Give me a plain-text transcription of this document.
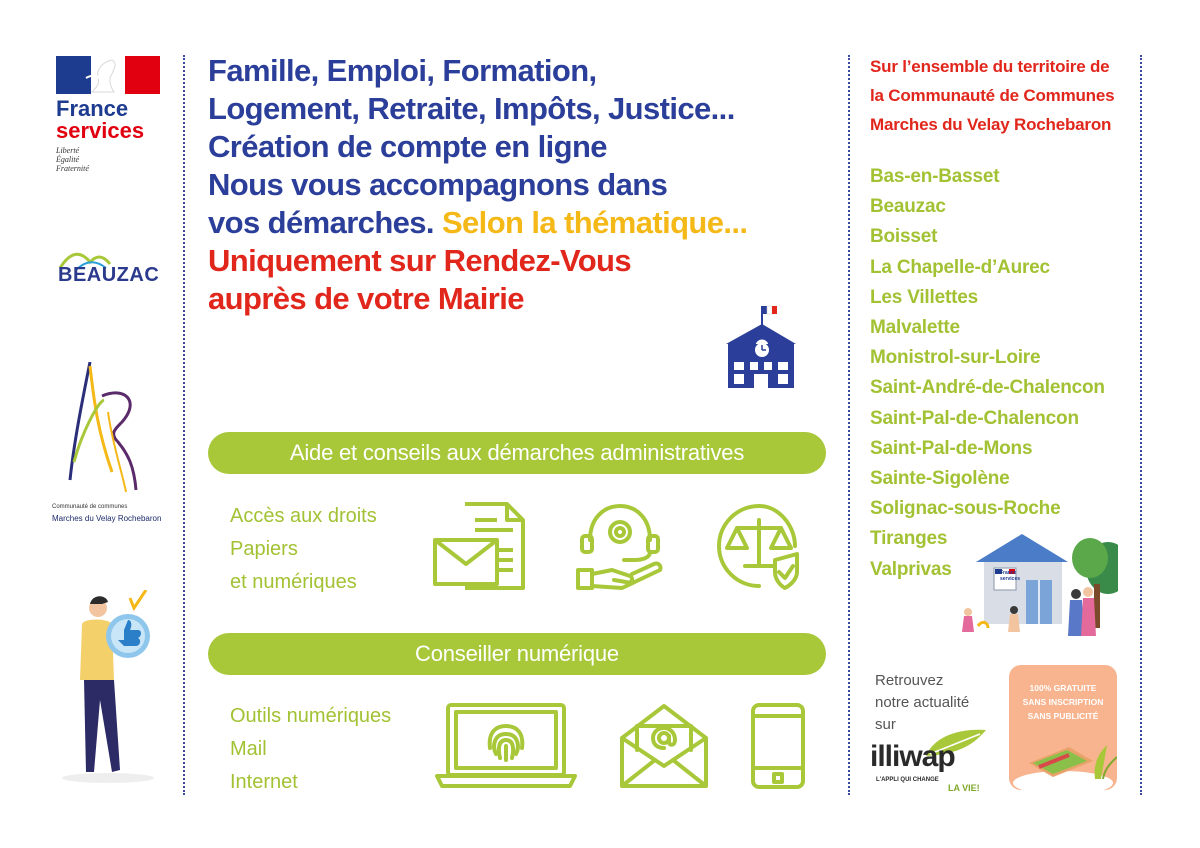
France
services
Liberté
Égalité
Fraternité
BEAUZAC
Communauté de communes
Marches du Velay Rochebaron
Famille, Emploi, Formation,
Logement, Retraite, Impôts, Justice...
Création de compte en ligne
Nous vous accompagnons dans
vos démarches. Selon la thématique...
Uniquement sur Rendez-Vous
auprès de votre Mairie
Aide et conseils aux démarches administratives
Accès aux droits
Papiers
et numériques
Conseiller numérique
Outils numériques
Mail
Internet
Sur l’ensemble du territoire de
la Communauté de Communes
Marches du Velay Rochebaron
Bas-en-Basset
Beauzac
Boisset
La Chapelle-d’Aurec
Les Villettes
Malvalette
Monistrol-sur-Loire
Saint-André-de-Chalencon
Saint-Pal-de-Chalencon
Saint-Pal-de-Mons
Sainte-Sigolène
Solignac-sous-Roche
Tiranges
Valprivas	France services
Retrouvez
notre actualité
sur
illiwap
L'APPLI QUI CHANGE
LA VIE!
100% GRATUITE
SANS INSCRIPTION
SANS PUBLICITÉ
